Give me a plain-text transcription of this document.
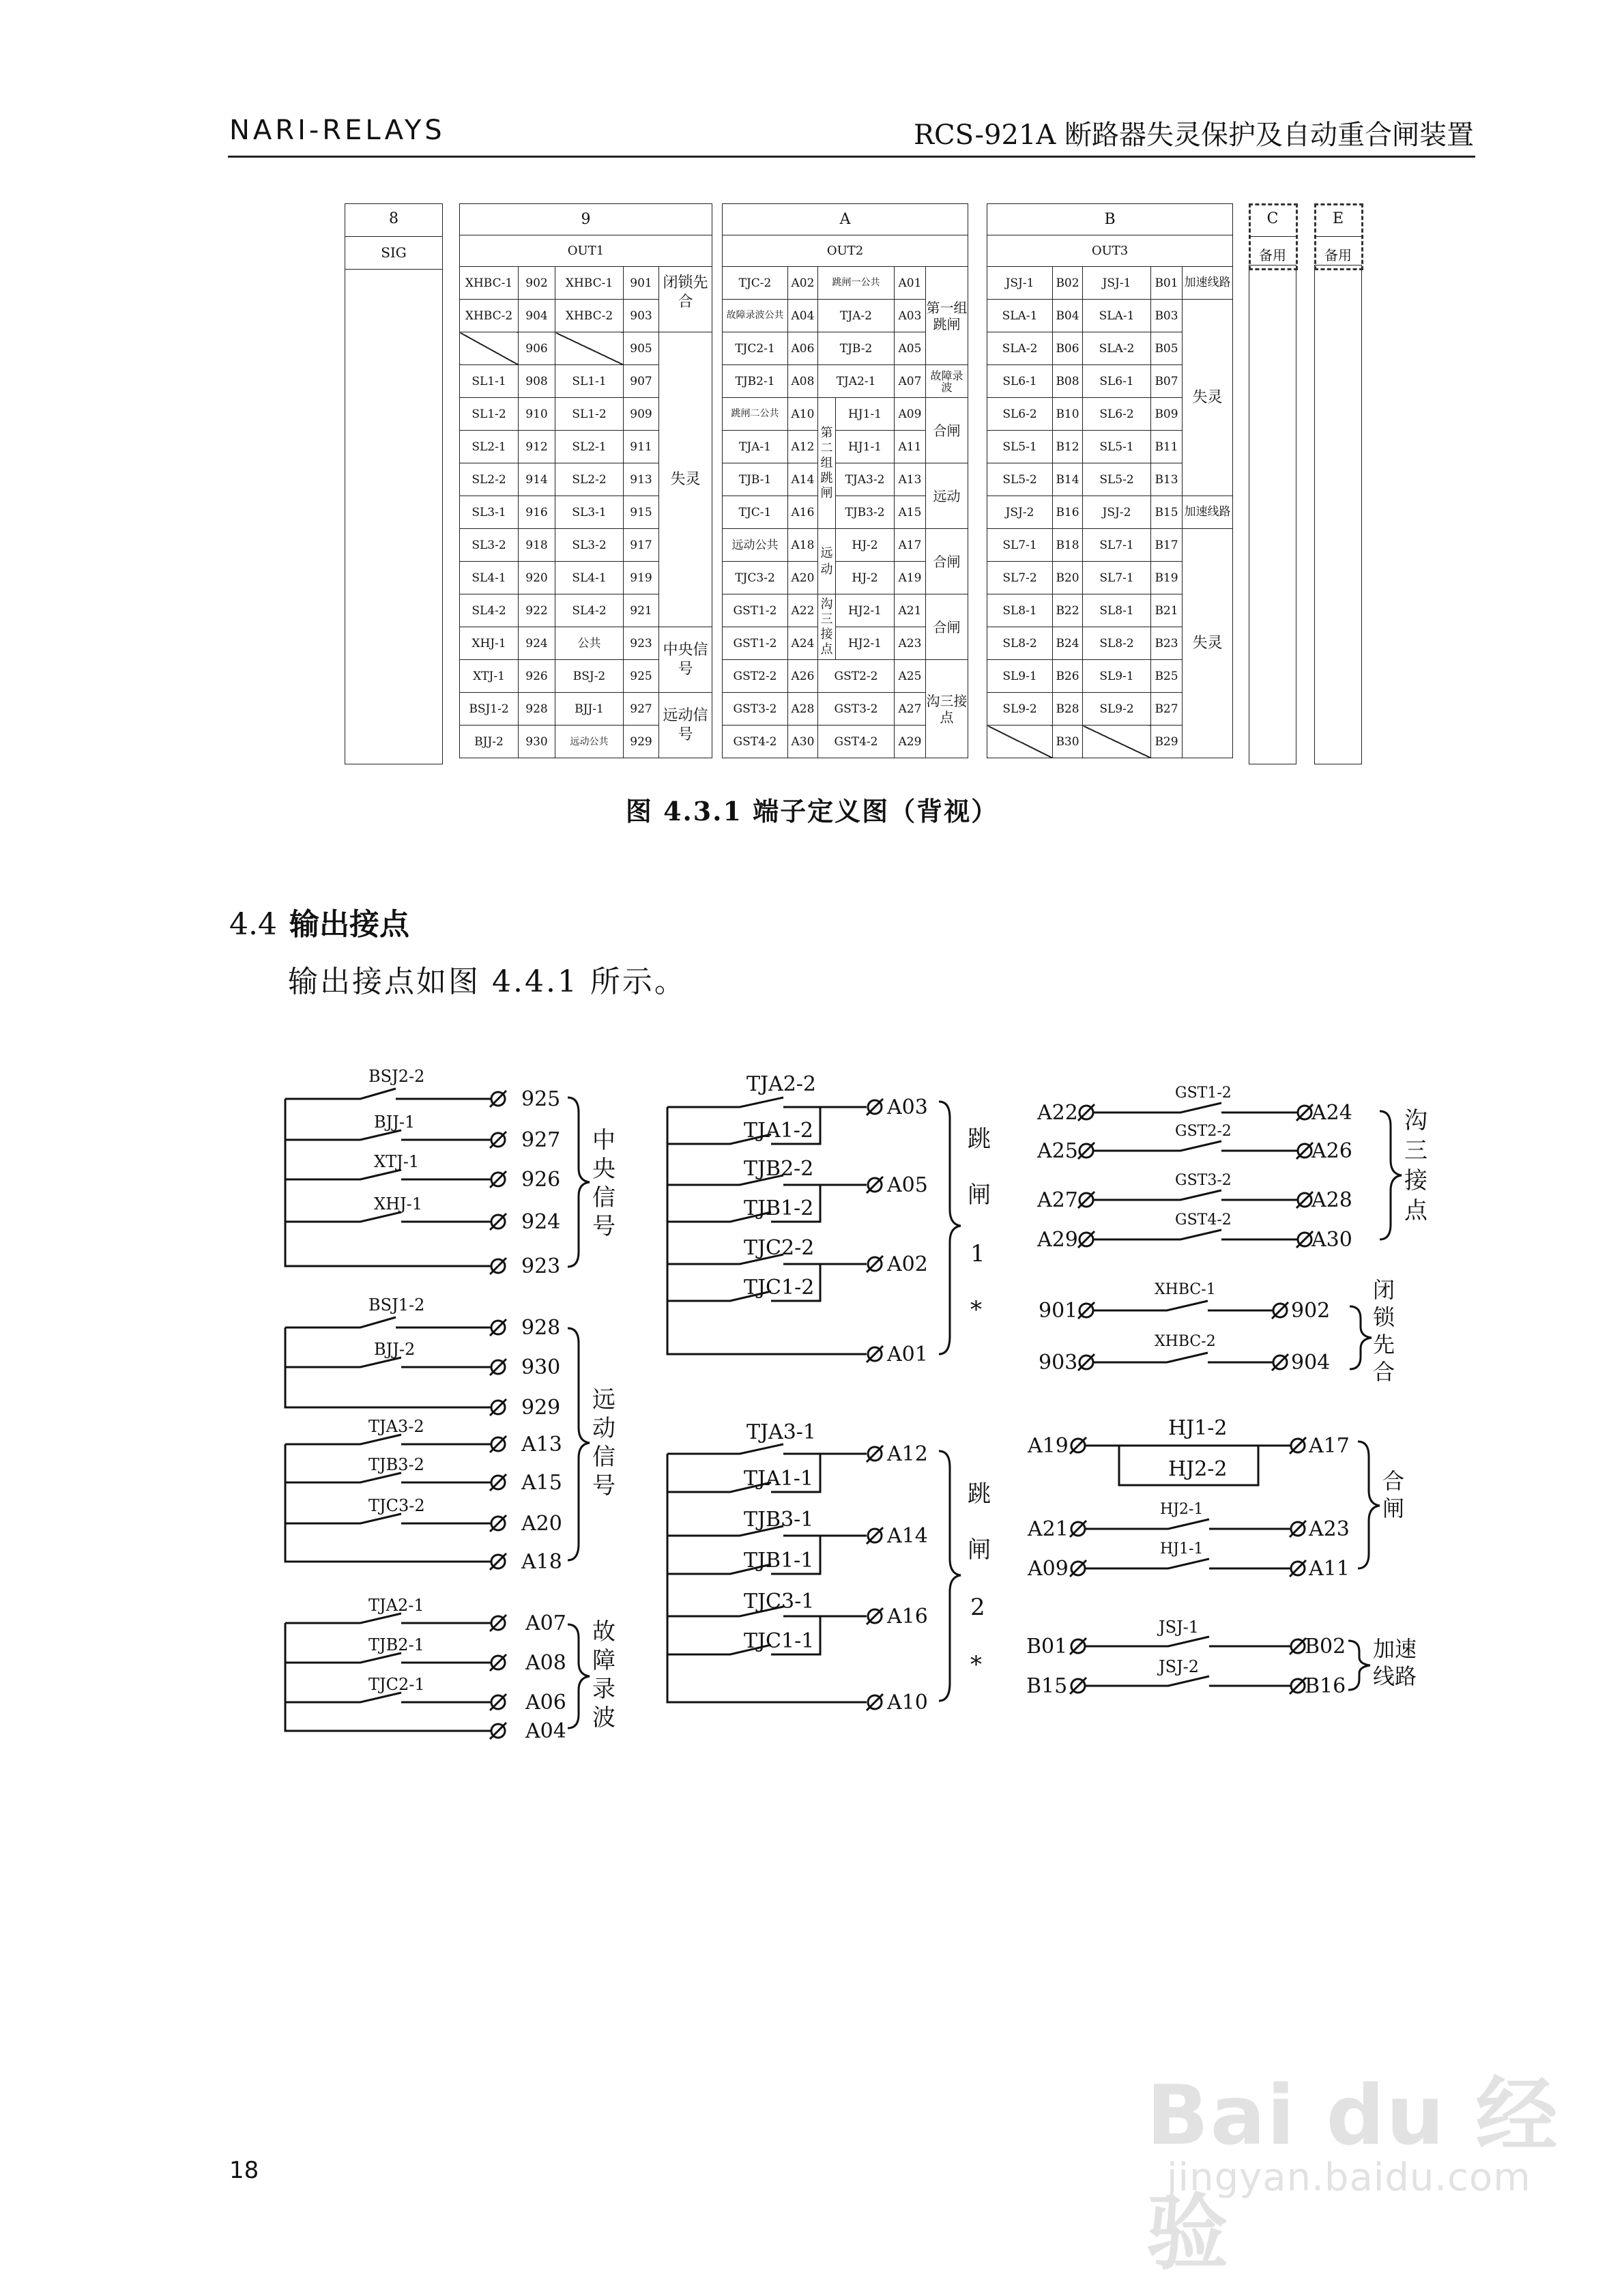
NARI-RELAYS	RCS-921A 断路器失灵保护及自动重合闸装置
8
SIG
9				
OUT1				
XHBC-1	902	XHBC-1	901	闭锁先合
XHBC-2	904	XHBC-2	903	
	906		905	失灵
SL1-1	908	SL1-1	907	
SL1-2	910	SL1-2	909	
SL2-1	912	SL2-1	911	
SL2-2	914	SL2-2	913	
SL3-1	916	SL3-1	915	
SL3-2	918	SL3-2	917	
SL4-1	920	SL4-1	919	
SL4-2	922	SL4-2	921	
XHJ-1	924	公共	923	中央信号
XTJ-1	926	BSJ-2	925	
BSJ1-2	928	BJJ-1	927	远动信号
BJJ-2	930	远动公共	929	
A					
OUT2					
TJC-2	A02	跳闸一公共		A01	第一组跳闸
故障录波公共	A04	TJA-2		A03	
TJC2-1	A06	TJB-2		A05	
TJB2-1	A08	TJA2-1		A07	故障录波
跳闸二公共	A10	第二组跳闸	HJ1-1	A09	合闸
TJA-1	A12		HJ1-1	A11	
TJB-1	A14		TJA3-2	A13	远动
TJC-1	A16		TJB3-2	A15	
远动公共	A18	远动	HJ-2	A17	合闸
TJC3-2	A20		HJ-2	A19	
GST1-2	A22	沟三接点	HJ2-1	A21	合闸
GST1-2	A24		HJ2-1	A23	
GST2-2	A26	GST2-2		A25	沟三接点
GST3-2	A28	GST3-2		A27	
GST4-2	A30	GST4-2		A29	
B				
OUT3				
JSJ-1	B02	JSJ-1	B01	加速线路
SLA-1	B04	SLA-1	B03	失灵
SLA-2	B06	SLA-2	B05	
SL6-1	B08	SL6-1	B07	
SL6-2	B10	SL6-2	B09	
SL5-1	B12	SL5-1	B11	
SL5-2	B14	SL5-2	B13	
JSJ-2	B16	JSJ-2	B15	加速线路
SL7-1	B18	SL7-1	B17	失灵
SL7-2	B20	SL7-1	B19	
SL8-1	B22	SL8-1	B21	
SL8-2	B24	SL8-2	B23	
SL9-1	B26	SL9-1	B25	
SL9-2	B28	SL9-2	B27	
	B30		B29	
C
备用
E
备用
图 4.3.1 端子定义图（背视）
4.4 输出接点
输出接点如图 4.4.1 所示。
BSJ2-2
BJJ-1
XTJ-1
XHJ-1
925
927
926
924
923
中央信号
BSJ1-2
BJJ-2
TJA3-2
TJB3-2
TJC3-2
928
930
929
A13
A15
A20
A18
远动信号
TJA2-1
TJB2-1
TJC2-1
A07
A08
A06
A04
故障录波
TJA2-2
TJA1-2
TJB2-2
TJB1-2
TJC2-2
TJC1-2
A03
A05
A02
A01
跳
闸
1
*
TJA3-1
TJA1-1
TJB3-1
TJB1-1
TJC3-1
TJC1-1
A12
A14
A16
A10
跳
闸
2
*
A22
A25
A27
A29
A24
A26
A28
A30
GST1-2
GST2-2
GST3-2
GST4-2
沟三接点
901
903
902
904
XHBC-1
XHBC-2
闭锁先合
HJ1-2
HJ2-2
A19
A21
A09
A17
A23
A11
HJ2-1
HJ1-1
合闸
B01
B15
B02
B16
JSJ-1
JSJ-2
加速线路
18
Bai du 经验
jingyan.baidu.com
